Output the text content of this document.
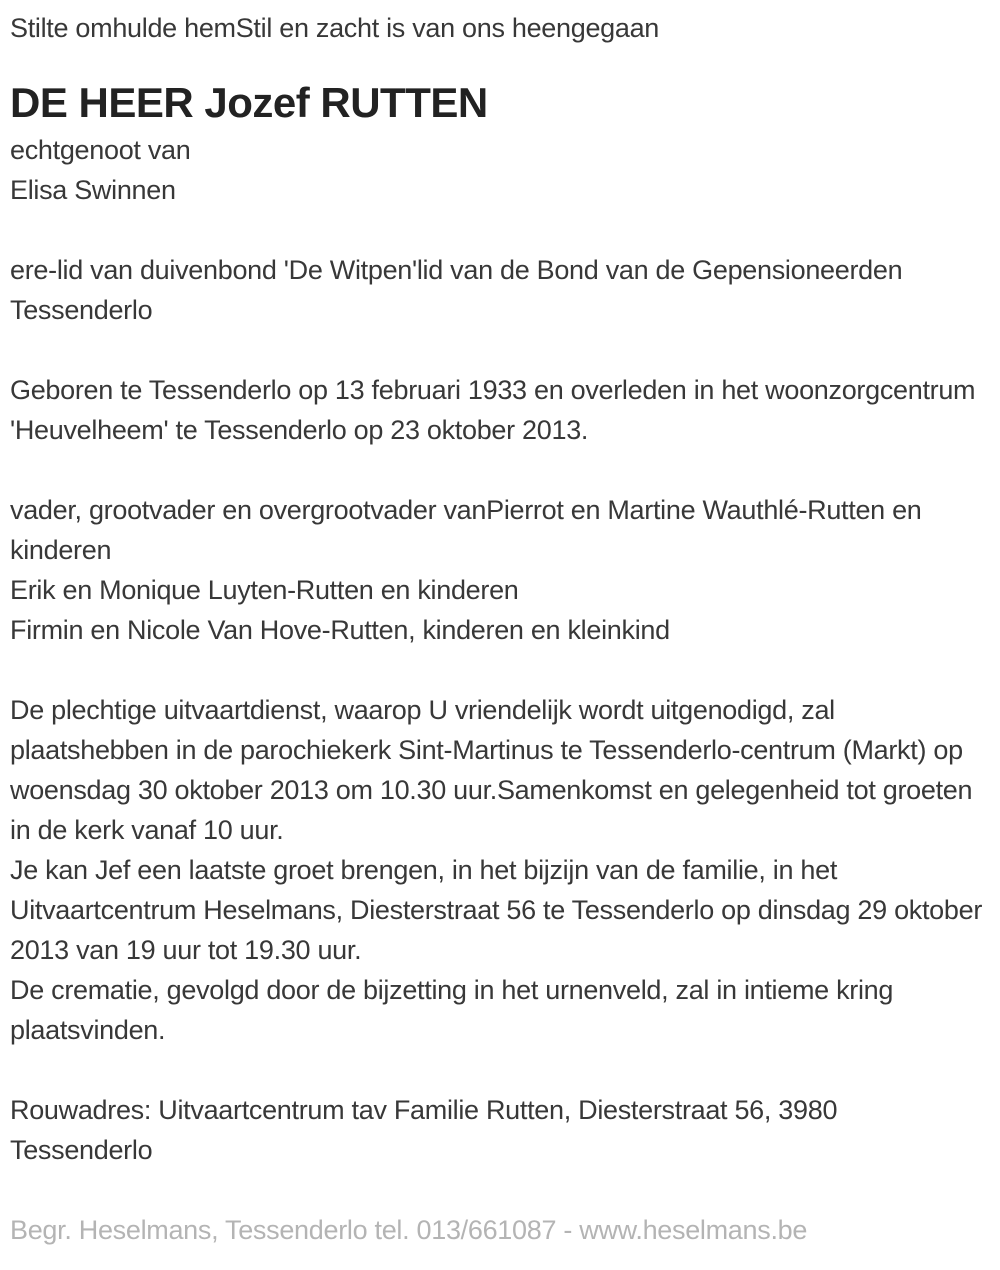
Stilte omhulde hemStil en zacht is van ons heengegaan

DE HEER Jozef RUTTEN

echtgenoot van

Elisa Swinnen

ere-lid van duivenbond 'De Witpen'lid van de Bond van de Gepensioneerden Tessenderlo

Geboren te Tessenderlo op 13 februari 1933 en overleden in het woonzorgcentrum 'Heuvelheem' te Tessenderlo op 23 oktober 2013.

vader, grootvader en overgrootvader vanPierrot en Martine Wauthlé-Rutten en kinderen

Erik en Monique Luyten-Rutten en kinderen

Firmin en Nicole Van Hove-Rutten, kinderen en kleinkind

De plechtige uitvaartdienst, waarop U vriendelijk wordt uitgenodigd, zal plaatshebben in de parochiekerk Sint-Martinus te Tessenderlo-centrum (Markt) op woensdag 30 oktober 2013 om 10.30 uur.Samenkomst en gelegenheid tot groeten in de kerk vanaf 10 uur.

Je kan Jef een laatste groet brengen, in het bijzijn van de familie, in het Uitvaartcentrum Heselmans, Diesterstraat 56 te Tessenderlo op dinsdag 29 oktober 2013 van 19 uur tot 19.30 uur.

De crematie, gevolgd door de bijzetting in het urnenveld, zal in intieme kring plaatsvinden.

Rouwadres: Uitvaartcentrum tav Familie Rutten, Diesterstraat 56, 3980 Tessenderlo

Begr. Heselmans, Tessenderlo tel. 013/661087 - www.heselmans.be
